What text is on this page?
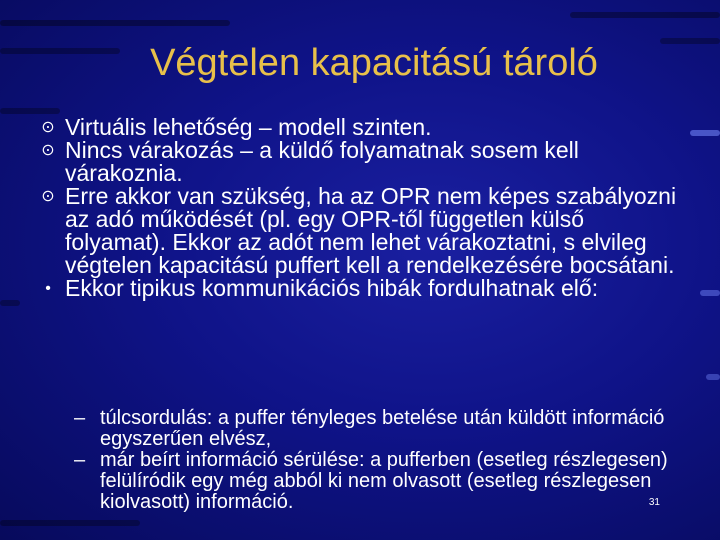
Végtelen kapacitású tároló
⊙ Virtuális lehetőség – modell szinten.
⊙ Nincs várakozás – a küldő folyamatnak sosem kell várakoznia.
⊙ Erre akkor van szükség, ha az OPR nem képes szabályozni az adó működését (pl. egy OPR-től független külső folyamat). Ekkor az adót nem lehet várakoztatni, s elvileg végtelen kapacitású puffert kell a rendelkezésére bocsátani.
• Ekkor tipikus kommunikációs hibák fordulhatnak elő:
– túlcsordulás: a puffer tényleges betelése után küldött információ egyszerűen elvész,
– már beírt információ sérülése: a pufferben (esetleg részlegesen) felülíródik egy még abból ki nem olvasott (esetleg részlegesen kiolvasott) információ.	31
